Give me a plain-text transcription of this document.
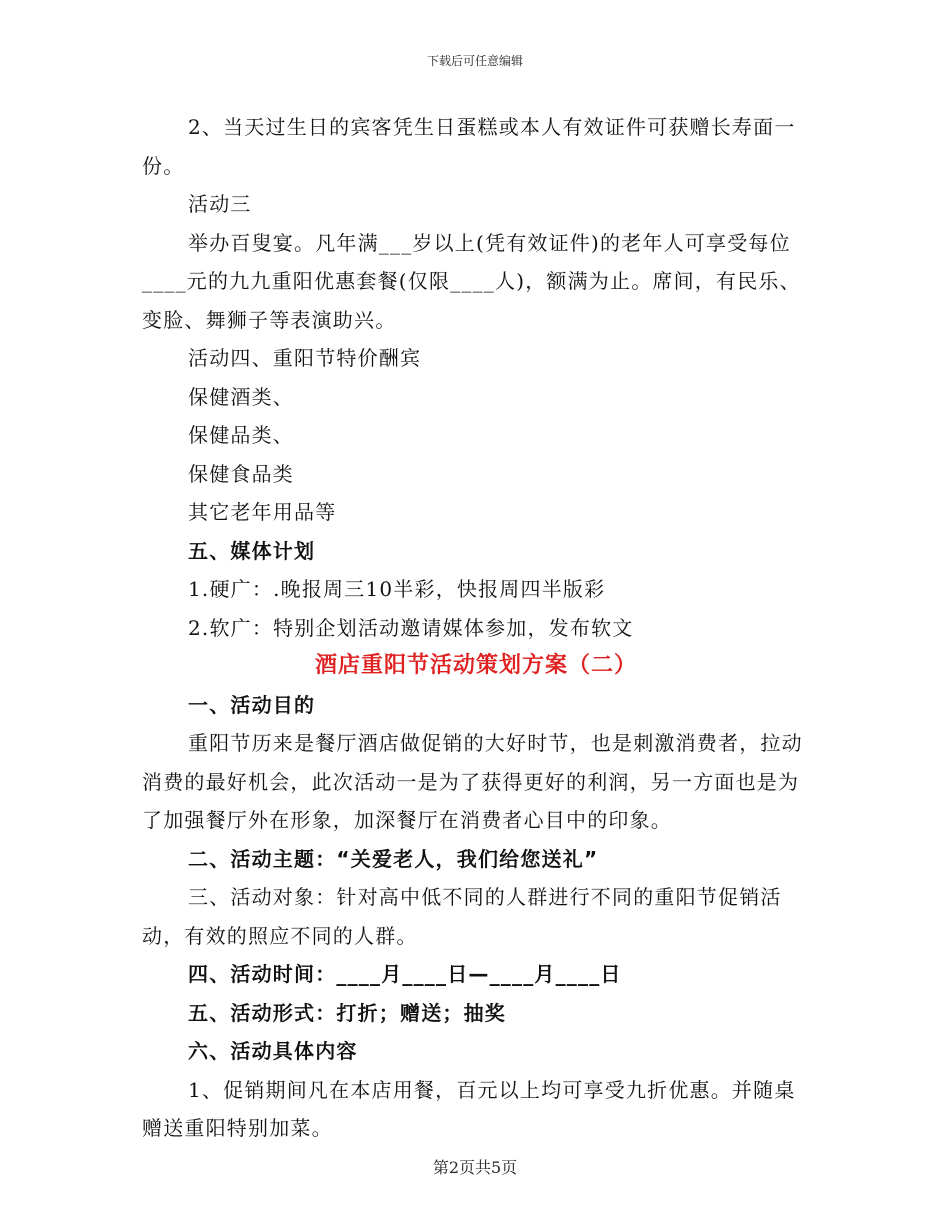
下载后可任意编辑

2、当天过生日的宾客凭生日蛋糕或本人有效证件可获赠长寿面一份。

活动三

举办百叟宴。凡年满___岁以上(凭有效证件)的老年人可享受每位____元的九九重阳优惠套餐(仅限____人)，额满为止。席间，有民乐、变脸、舞狮子等表演助兴。

活动四、重阳节特价酬宾

保健酒类、

保健品类、

保健食品类

其它老年用品等

五、媒体计划

1.硬广：.晚报周三10半彩，快报周四半版彩

2.软广：特别企划活动邀请媒体参加，发布软文

酒店重阳节活动策划方案（二）

一、活动目的

重阳节历来是餐厅酒店做促销的大好时节，也是刺激消费者，拉动消费的最好机会，此次活动一是为了获得更好的利润，另一方面也是为了加强餐厅外在形象，加深餐厅在消费者心目中的印象。

二、活动主题：“关爱老人，我们给您送礼”

三、活动对象：针对高中低不同的人群进行不同的重阳节促销活动，有效的照应不同的人群。

四、活动时间：____月____日—____月____日

五、活动形式：打折；赠送；抽奖

六、活动具体内容

1、促销期间凡在本店用餐，百元以上均可享受九折优惠。并随桌赠送重阳特别加菜。

第2页共5页
